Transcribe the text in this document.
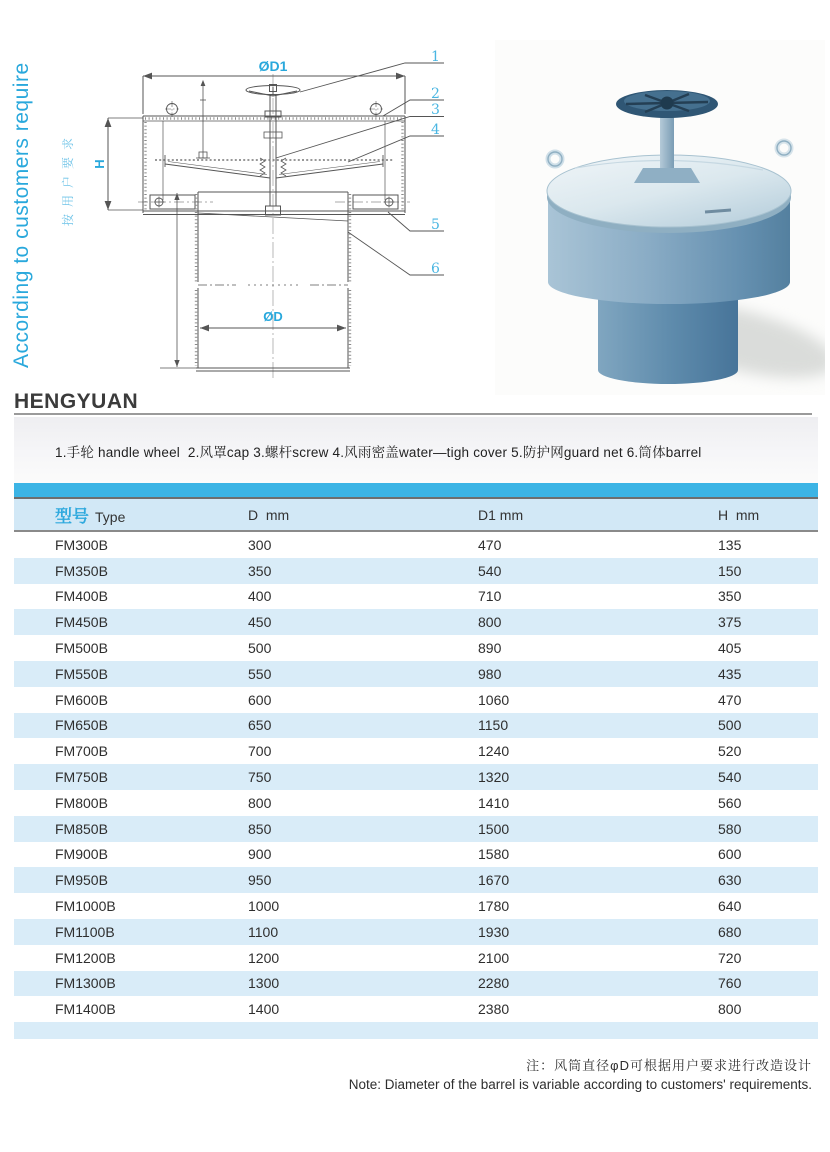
According to customers require 按用户要求
ØD1
H
ØD
1
2
3
4
5
6
HENGYUAN
1.手轮 handle wheel  2.风罩cap 3.螺杆screw 4.风雨密盖water—tigh cover 5.防护网guard net 6.筒体barrel
型号 Type	D  mm	D1 mm	H  mm
FM300B	300	470	135
FM350B	350	540	150
FM400B	400	710	350
FM450B	450	800	375
FM500B	500	890	405
FM550B	550	980	435
FM600B	600	1060	470
FM650B	650	1150	500
FM700B	700	1240	520
FM750B	750	1320	540
FM800B	800	1410	560
FM850B	850	1500	580
FM900B	900	1580	600
FM950B	950	1670	630
FM1000B	1000	1780	640
FM1100B	1100	1930	680
FM1200B	1200	2100	720
FM1300B	1300	2280	760
FM1400B	1400	2380	800
注：风筒直径φD可根据用户要求进行改造设计
Note: Diameter of the barrel is variable according to customers' requirements.
